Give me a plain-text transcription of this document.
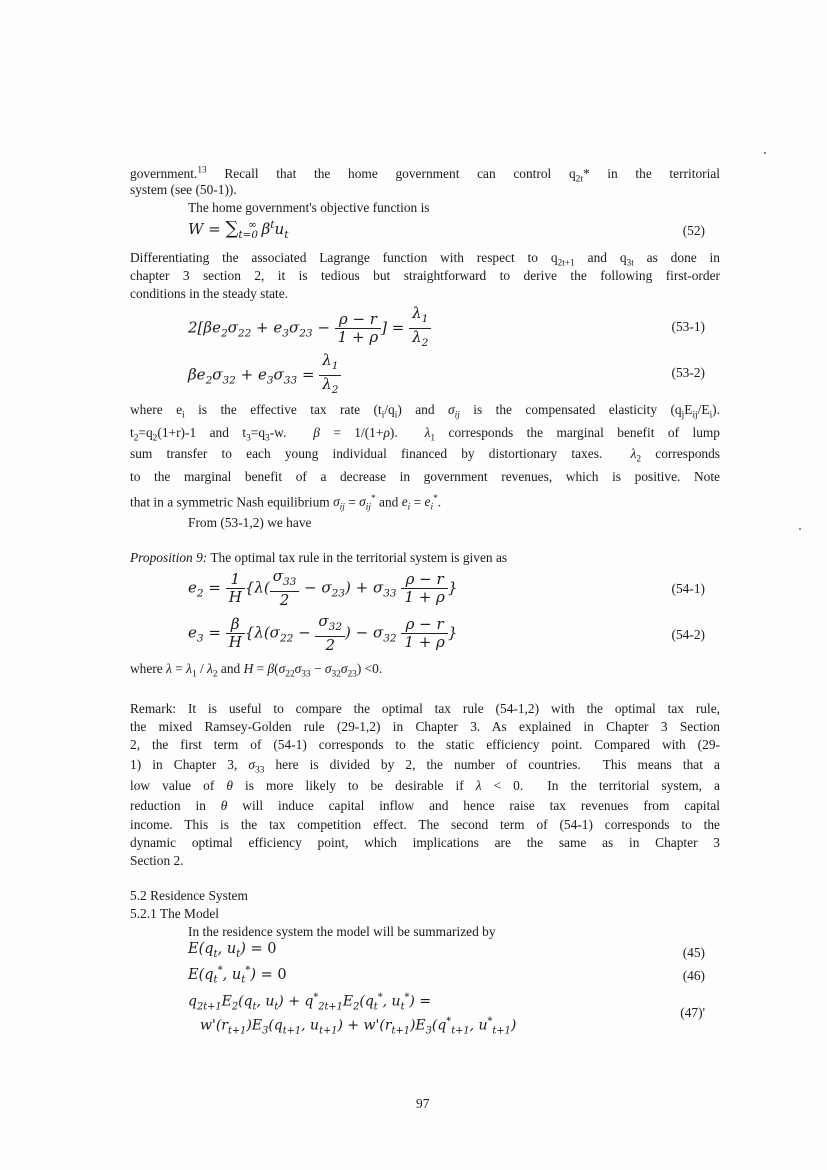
government.$^{13}$ Recall that the home government can control $q_{2t}*$ in the territorial
system (see (50-1)).
The home government's objective function is
$W = \sum_{t=0}^\infty$ $\beta^tu_t$	(52)
Differentiating the associated Lagrange function with respect to $q_{2t+1}$ and $q_{3t}$ as done in
chapter 3 section 2, it is tedious but straightforward to derive the following first-order
conditions in the steady state.
$2[\beta e_2\sigma_{22} + e_3\sigma_{23} - \frac{\rho - r}{1 + \rho}$ ] = $\frac{\lambda_1}{\lambda_2}$	(53-1)
$\beta e_2\sigma_{32} + e_3\sigma_{33} = \frac{\lambda_1}{\lambda_2}$	(53-2)
where $e_i$ is the effective tax rate $(t_i/q_i)$ and $\sigma_{ij}$ is the compensated elasticity $(q_jE_{ij}/E_i)$.
$t_2=q_2(1+r)-1$ and $t_3=q_3-w$.  β = 1/(1+ρ).  $\lambda_1$ corresponds the marginal benefit of lump
sum transfer to each young individual financed by distortionary taxes.  $\lambda_2$ corresponds
to the marginal benefit of a decrease in government revenues, which is positive. Note
that in a symmetric Nash equilibrium $\sigma_{ij} = \sigma_{ij}^*$ and $e_i = e_i^*$.
From (53-1,2) we have
Proposition 9: The optimal tax rule in the territorial system is given as
$e_2 = \frac{1}{H} \{\lambda( \frac{\sigma_{33}}{2} - \sigma_{23}) + \sigma_{33} \frac{\rho - r}{1 + \rho}$ }	(54-1)
$e_3 = \frac{\beta}{H} \{\lambda(\sigma_{22} - \frac{\sigma_{32}}{2}$ ) − $\sigma_{32} \frac{\rho - r}{1 + \rho}$ }	(54-2)
where $\lambda = \lambda_1 / \lambda_2$ and $H = \beta(\sigma_{22}\sigma_{33} - \sigma_{32}\sigma_{23}) <0$.
Remark: It is useful to compare the optimal tax rule (54-1,2) with the optimal tax rule,
the mixed Ramsey-Golden rule (29-1,2) in Chapter 3. As explained in Chapter 3 Section
2, the first term of (54-1) corresponds to the static efficiency point. Compared with (29-
1) in Chapter 3, $\sigma_{33}$ here is divided by 2, the number of countries.  This means that a
low value of θ is more likely to be desirable if λ < 0.  In the territorial system, a
reduction in θ will induce capital inflow and hence raise tax revenues from capital
income. This is the tax competition effect. The second term of (54-1) corresponds to the
dynamic optimal efficiency point, which implications are the same as in Chapter 3
Section 2.
5.2 Residence System
5.2.1 The Model
In the residence system the model will be summarized by
$E(q_t$, $u_t) = 0$	(45)
$E(q_t^*$, $u_t^*) = 0$	(46)
$q_{2t+1}E_2(q_t$, $u_t) + q^*_{2t+1}E_2(q_t^*$, $u_t^*$) =
$w'(r_{t+1})E_3(q_{t+1}$, $u_{t+1}) + w'(r_{t+1})E_3(q^*_{t+1}$, $u^*_{t+1}$)
(47)'
97
